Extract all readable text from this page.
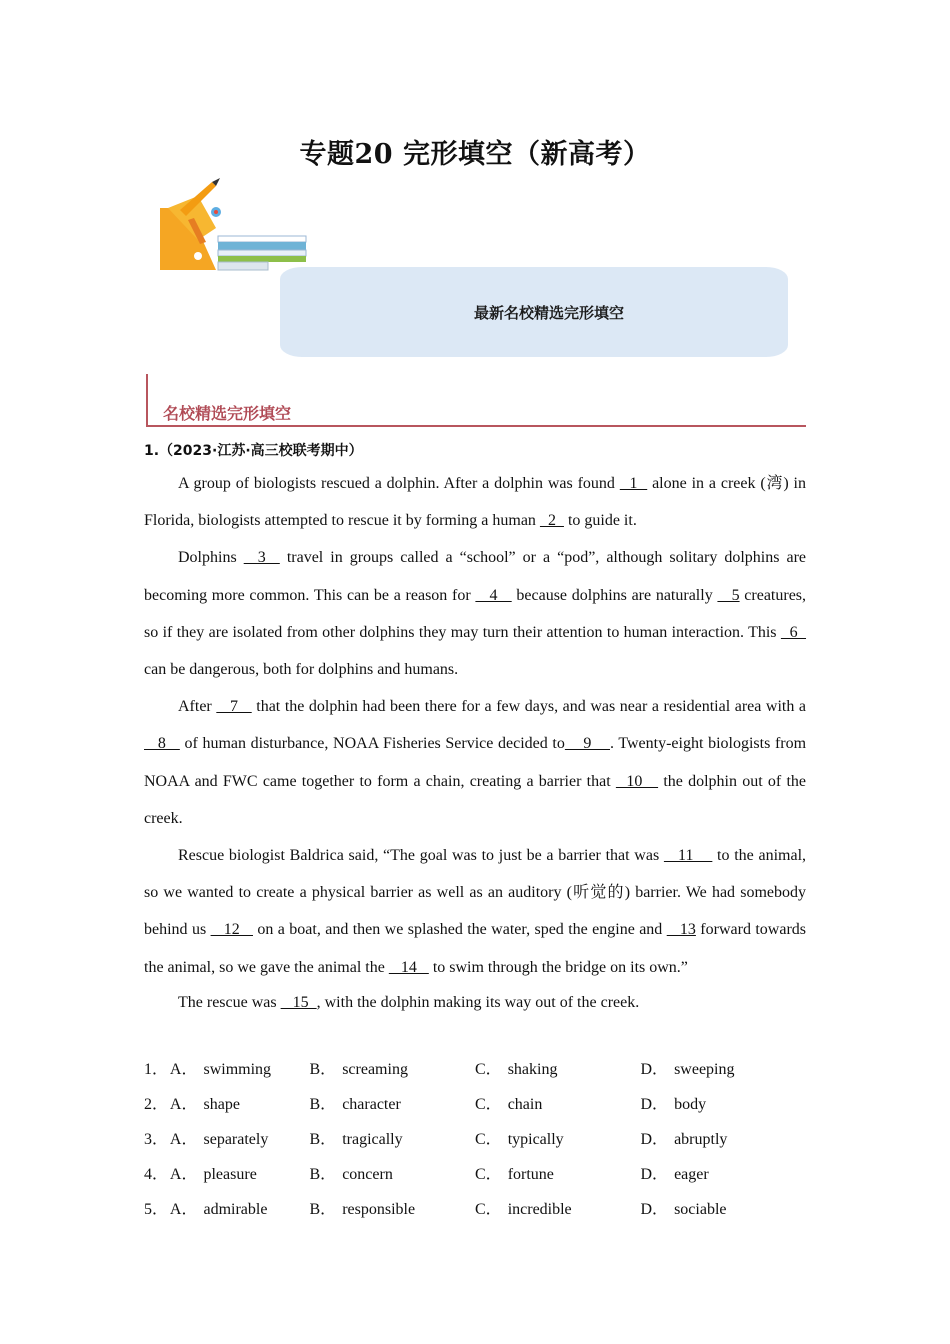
专题20 完形填空（新高考）
最新名校精选完形填空
名校精选完形填空
1.（2023·江苏·高三校联考期中）

A group of biologists rescued a dolphin. After a dolphin was found   1   alone in a creek (湾) in Florida, biologists attempted to rescue it by forming a human   2   to guide it.

Dolphins   3   travel in groups called a “school” or a “pod”, although solitary dolphins are becoming more common. This can be a reason for    4    because dolphins are naturally    5 creatures, so if they are isolated from other dolphins they may turn their attention to human interaction. This   6   can be dangerous, both for dolphins and humans.

After    7    that the dolphin had been there for a few days, and was near a residential area with a    8    of human disturbance, NOAA Fisheries Service decided to    9    . Twenty-eight biologists from NOAA and FWC came together to form a chain, creating a barrier that   10    the dolphin out of the creek.

Rescue biologist Baldrica said, “The goal was to just be a barrier that was    11     to the animal, so we wanted to create a physical barrier as well as an auditory (听觉的) barrier. We had somebody behind us    12    on a boat, and then we splashed the water, sped the engine and    13 forward towards the animal, so we gave the animal the    14    to swim through the bridge on its own.”

The rescue was    15  , with the dolphin making its way out of the creek.

1． A． swimming	B． screaming	C． shaking	D． sweeping
2． A． shape	B． character	C． chain	D． body
3． A． separately	B． tragically	C． typically	D． abruptly
4． A． pleasure	B． concern	C． fortune	D． eager
5． A． admirable	B． responsible	C． incredible	D． sociable
